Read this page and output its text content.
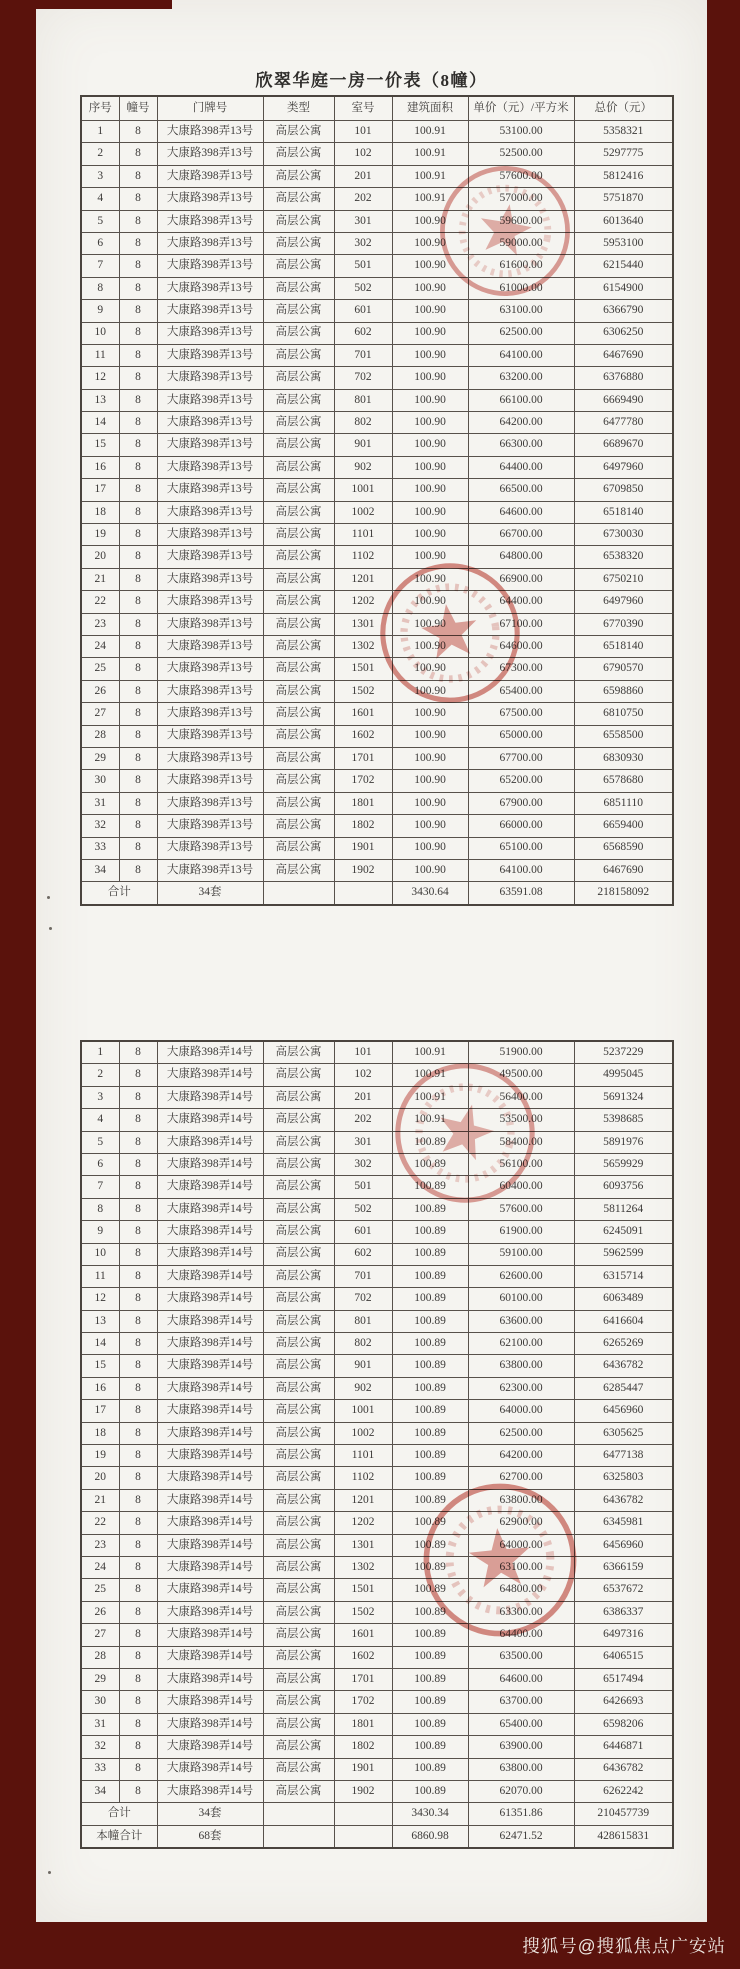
欣翠华庭一房一价表（8幢）
序号	幢号	门牌号	类型	室号	建筑面积	单价（元）/平方米	总价（元）
1	8	大康路398弄13号	高层公寓	101	100.91	53100.00	5358321
2	8	大康路398弄13号	高层公寓	102	100.91	52500.00	5297775
3	8	大康路398弄13号	高层公寓	201	100.91	57600.00	5812416
4	8	大康路398弄13号	高层公寓	202	100.91	57000.00	5751870
5	8	大康路398弄13号	高层公寓	301	100.90	59600.00	6013640
6	8	大康路398弄13号	高层公寓	302	100.90	59000.00	5953100
7	8	大康路398弄13号	高层公寓	501	100.90	61600.00	6215440
8	8	大康路398弄13号	高层公寓	502	100.90	61000.00	6154900
9	8	大康路398弄13号	高层公寓	601	100.90	63100.00	6366790
10	8	大康路398弄13号	高层公寓	602	100.90	62500.00	6306250
11	8	大康路398弄13号	高层公寓	701	100.90	64100.00	6467690
12	8	大康路398弄13号	高层公寓	702	100.90	63200.00	6376880
13	8	大康路398弄13号	高层公寓	801	100.90	66100.00	6669490
14	8	大康路398弄13号	高层公寓	802	100.90	64200.00	6477780
15	8	大康路398弄13号	高层公寓	901	100.90	66300.00	6689670
16	8	大康路398弄13号	高层公寓	902	100.90	64400.00	6497960
17	8	大康路398弄13号	高层公寓	1001	100.90	66500.00	6709850
18	8	大康路398弄13号	高层公寓	1002	100.90	64600.00	6518140
19	8	大康路398弄13号	高层公寓	1101	100.90	66700.00	6730030
20	8	大康路398弄13号	高层公寓	1102	100.90	64800.00	6538320
21	8	大康路398弄13号	高层公寓	1201	100.90	66900.00	6750210
22	8	大康路398弄13号	高层公寓	1202	100.90	64400.00	6497960
23	8	大康路398弄13号	高层公寓	1301	100.90	67100.00	6770390
24	8	大康路398弄13号	高层公寓	1302	100.90	64600.00	6518140
25	8	大康路398弄13号	高层公寓	1501	100.90	67300.00	6790570
26	8	大康路398弄13号	高层公寓	1502	100.90	65400.00	6598860
27	8	大康路398弄13号	高层公寓	1601	100.90	67500.00	6810750
28	8	大康路398弄13号	高层公寓	1602	100.90	65000.00	6558500
29	8	大康路398弄13号	高层公寓	1701	100.90	67700.00	6830930
30	8	大康路398弄13号	高层公寓	1702	100.90	65200.00	6578680
31	8	大康路398弄13号	高层公寓	1801	100.90	67900.00	6851110
32	8	大康路398弄13号	高层公寓	1802	100.90	66000.00	6659400
33	8	大康路398弄13号	高层公寓	1901	100.90	65100.00	6568590
34	8	大康路398弄13号	高层公寓	1902	100.90	64100.00	6467690
合计		34套			3430.64	63591.08	218158092
1	8	大康路398弄14号	高层公寓	101	100.91	51900.00	5237229
2	8	大康路398弄14号	高层公寓	102	100.91	49500.00	4995045
3	8	大康路398弄14号	高层公寓	201	100.91	56400.00	5691324
4	8	大康路398弄14号	高层公寓	202	100.91	53500.00	5398685
5	8	大康路398弄14号	高层公寓	301	100.89	58400.00	5891976
6	8	大康路398弄14号	高层公寓	302	100.89	56100.00	5659929
7	8	大康路398弄14号	高层公寓	501	100.89	60400.00	6093756
8	8	大康路398弄14号	高层公寓	502	100.89	57600.00	5811264
9	8	大康路398弄14号	高层公寓	601	100.89	61900.00	6245091
10	8	大康路398弄14号	高层公寓	602	100.89	59100.00	5962599
11	8	大康路398弄14号	高层公寓	701	100.89	62600.00	6315714
12	8	大康路398弄14号	高层公寓	702	100.89	60100.00	6063489
13	8	大康路398弄14号	高层公寓	801	100.89	63600.00	6416604
14	8	大康路398弄14号	高层公寓	802	100.89	62100.00	6265269
15	8	大康路398弄14号	高层公寓	901	100.89	63800.00	6436782
16	8	大康路398弄14号	高层公寓	902	100.89	62300.00	6285447
17	8	大康路398弄14号	高层公寓	1001	100.89	64000.00	6456960
18	8	大康路398弄14号	高层公寓	1002	100.89	62500.00	6305625
19	8	大康路398弄14号	高层公寓	1101	100.89	64200.00	6477138
20	8	大康路398弄14号	高层公寓	1102	100.89	62700.00	6325803
21	8	大康路398弄14号	高层公寓	1201	100.89	63800.00	6436782
22	8	大康路398弄14号	高层公寓	1202	100.89	62900.00	6345981
23	8	大康路398弄14号	高层公寓	1301	100.89	64000.00	6456960
24	8	大康路398弄14号	高层公寓	1302	100.89	63100.00	6366159
25	8	大康路398弄14号	高层公寓	1501	100.89	64800.00	6537672
26	8	大康路398弄14号	高层公寓	1502	100.89	63300.00	6386337
27	8	大康路398弄14号	高层公寓	1601	100.89	64400.00	6497316
28	8	大康路398弄14号	高层公寓	1602	100.89	63500.00	6406515
29	8	大康路398弄14号	高层公寓	1701	100.89	64600.00	6517494
30	8	大康路398弄14号	高层公寓	1702	100.89	63700.00	6426693
31	8	大康路398弄14号	高层公寓	1801	100.89	65400.00	6598206
32	8	大康路398弄14号	高层公寓	1802	100.89	63900.00	6446871
33	8	大康路398弄14号	高层公寓	1901	100.89	63800.00	6436782
34	8	大康路398弄14号	高层公寓	1902	100.89	62070.00	6262242
合计		34套			3430.34	61351.86	210457739
本幢合计		68套			6860.98	62471.52	428615831
搜狐号@搜狐焦点广安站
